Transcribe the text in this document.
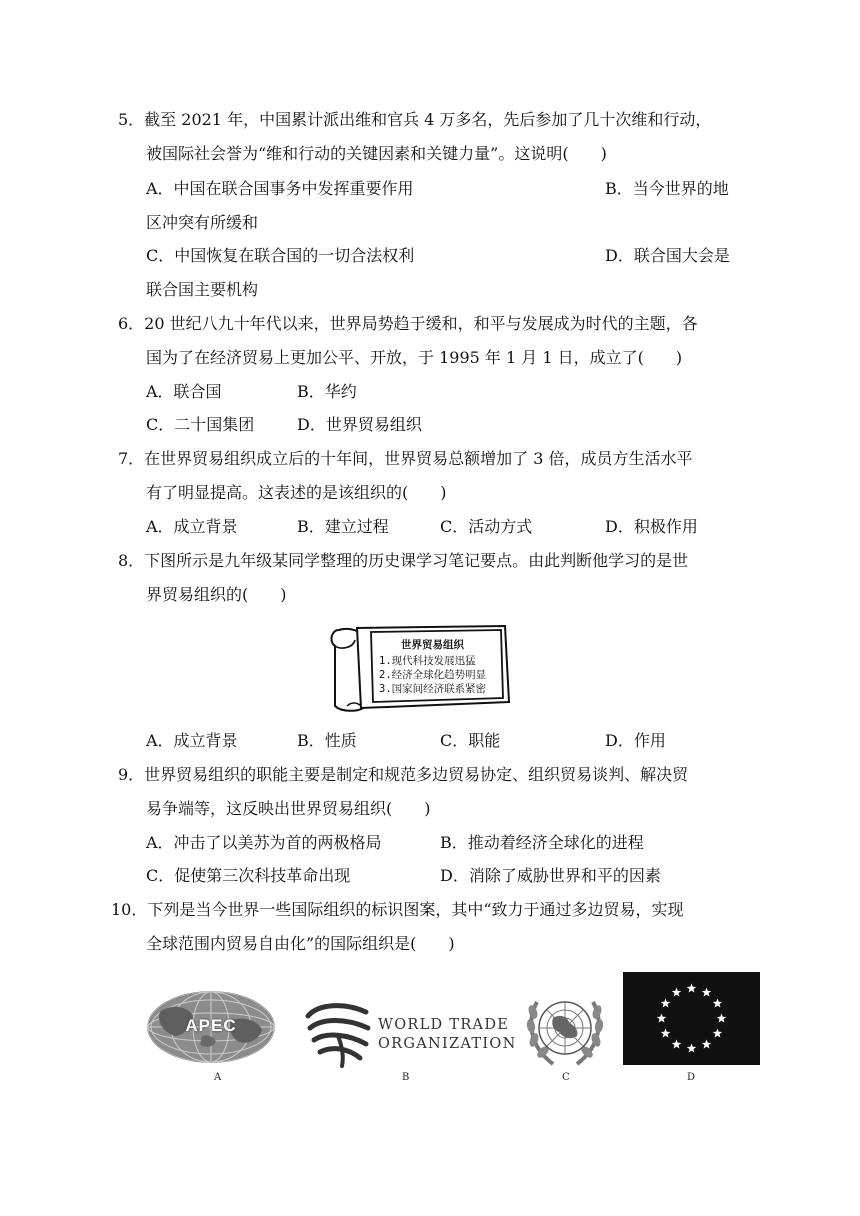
5．截至 2021 年，中国累计派出维和官兵 4 万多名，先后参加了几十次维和行动，
被国际社会誉为“维和行动的关键因素和关键力量”。这说明(　　)
A．中国在联合国事务中发挥重要作用	B．当今世界的地
区冲突有所缓和
C．中国恢复在联合国的一切合法权利	D．联合国大会是
联合国主要机构
6．20 世纪八九十年代以来，世界局势趋于缓和，和平与发展成为时代的主题，各
国为了在经济贸易上更加公平、开放，于 1995 年 1 月 1 日，成立了(　　)
A．联合国	B．华约
C．二十国集团	D．世界贸易组织
7．在世界贸易组织成立后的十年间，世界贸易总额增加了 3 倍，成员方生活水平
有了明显提高。这表述的是该组织的(　　)
A．成立背景	B．建立过程	C．活动方式	D．积极作用
8．下图所示是九年级某同学整理的历史课学习笔记要点。由此判断他学习的是世
界贸易组织的(　　)
世界贸易组织
1.现代科技发展迅猛
2.经济全球化趋势明显
3.国家间经济联系紧密
A．成立背景	B．性质	C．职能	D．作用
9．世界贸易组织的职能主要是制定和规范多边贸易协定、组织贸易谈判、解决贸
易争端等，这反映出世界贸易组织(　　)
A．冲击了以美苏为首的两极格局	B．推动着经济全球化的进程
C．促使第三次科技革命出现	D．消除了威胁世界和平的因素
10．下列是当今世界一些国际组织的标识图案，其中“致力于通过多边贸易，实现
全球范围内贸易自由化”的国际组织是(　　)
APEC
A
WORLD TRADE
ORGANIZATION
B	C	D
